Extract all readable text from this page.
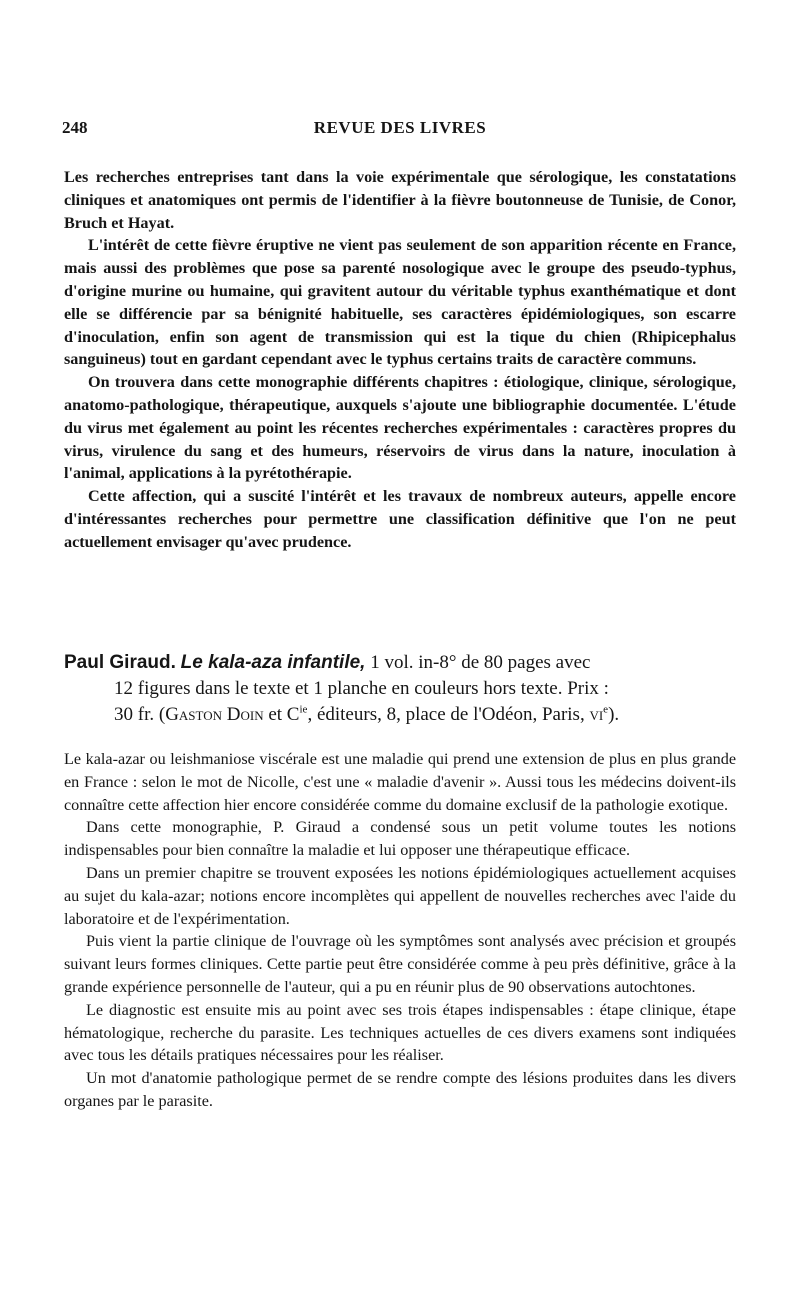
248	REVUE DES LIVRES

Les recherches entreprises tant dans la voie expérimentale que sérologique, les constatations cliniques et anatomiques ont permis de l'identifier à la fièvre boutonneuse de Tunisie, de Conor, Bruch et Hayat.

L'intérêt de cette fièvre éruptive ne vient pas seulement de son apparition récente en France, mais aussi des problèmes que pose sa parenté nosologique avec le groupe des pseudo-typhus, d'origine murine ou humaine, qui gravitent autour du véritable typhus exanthématique et dont elle se différencie par sa bénignité habituelle, ses caractères épidémiologiques, son escarre d'inoculation, enfin son agent de transmission qui est la tique du chien (Rhipicephalus sanguineus) tout en gardant cependant avec le typhus certains traits de caractère communs.

On trouvera dans cette monographie différents chapitres : étiologique, clinique, sérologique, anatomo-pathologique, thérapeutique, auxquels s'ajoute une bibliographie documentée. L'étude du virus met également au point les récentes recherches expérimentales : caractères propres du virus, virulence du sang et des humeurs, réservoirs de virus dans la nature, inoculation à l'animal, applications à la pyrétothérapie.

Cette affection, qui a suscité l'intérêt et les travaux de nombreux auteurs, appelle encore d'intéressantes recherches pour permettre une classification définitive que l'on ne peut actuellement envisager qu'avec prudence.

Paul Giraud. Le kala-aza infantile, 1 vol. in-8° de 80 pages avec
12 figures dans le texte et 1 planche en couleurs hors texte. Prix :
30 fr. (Gaston Doin et $C^{ie}$, éditeurs, 8, place de l'Odéon, Paris, $vi^e$).

Le kala-azar ou leishmaniose viscérale est une maladie qui prend une extension de plus en plus grande en France : selon le mot de Nicolle, c'est une « maladie d'avenir ». Aussi tous les médecins doivent-ils connaître cette affection hier encore considérée comme du domaine exclusif de la pathologie exotique.

Dans cette monographie, P. Giraud a condensé sous un petit volume toutes les notions indispensables pour bien connaître la maladie et lui opposer une thérapeutique efficace.

Dans un premier chapitre se trouvent exposées les notions épidémiologiques actuellement acquises au sujet du kala-azar; notions encore incomplètes qui appellent de nouvelles recherches avec l'aide du laboratoire et de l'expérimentation.

Puis vient la partie clinique de l'ouvrage où les symptômes sont analysés avec précision et groupés suivant leurs formes cliniques. Cette partie peut être considérée comme à peu près définitive, grâce à la grande expérience personnelle de l'auteur, qui a pu en réunir plus de 90 observations autochtones.

Le diagnostic est ensuite mis au point avec ses trois étapes indispensables : étape clinique, étape hématologique, recherche du parasite. Les techniques actuelles de ces divers examens sont indiquées avec tous les détails pratiques nécessaires pour les réaliser.

Un mot d'anatomie pathologique permet de se rendre compte des lésions produites dans les divers organes par le parasite.
